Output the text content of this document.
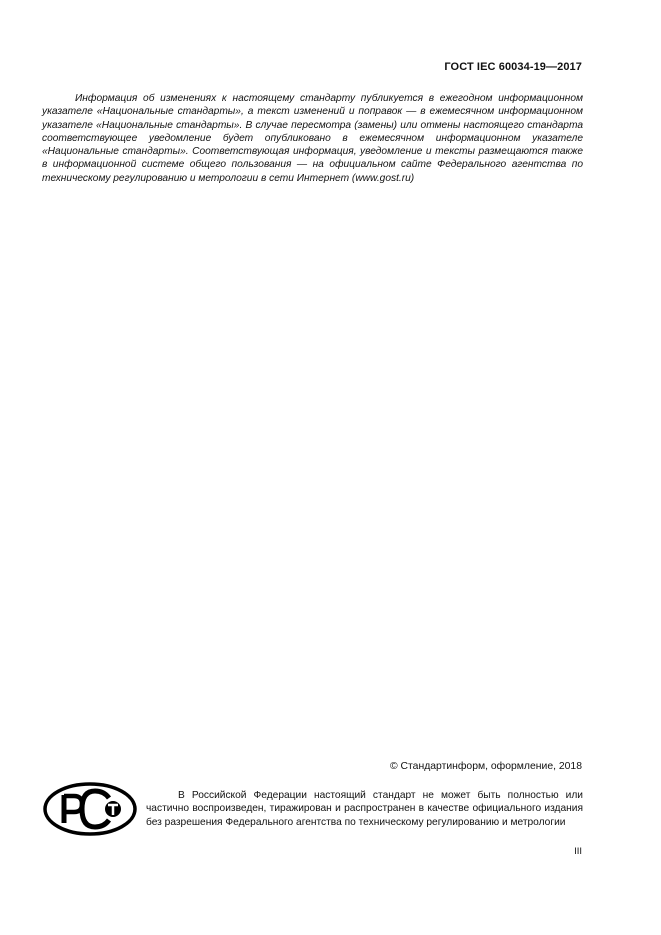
ГОСТ IEC 60034-19—2017
Информация об изменениях к настоящему стандарту публикуется в ежегодном информационном указателе «Национальные стандарты», а текст изменений и поправок — в ежемесячном информационном указателе «Национальные стандарты». В случае пересмотра (замены) или отмены настоящего стандарта соответствующее уведомление будет опубликовано в ежемесячном информационном указателе «Национальные стандарты». Соответствующая информация, уведомление и тексты размещаются также в информационной системе общего пользования — на официальном сайте Федерального агентства по техническому регулированию и метрологии в сети Интернет (www.gost.ru)
© Стандартинформ, оформление, 2018
В Российской Федерации настоящий стандарт не может быть полностью или частично воспроизведен, тиражирован и распространен в качестве официального издания без разрешения Федерального агентства по техническому регулированию и метрологии
III
